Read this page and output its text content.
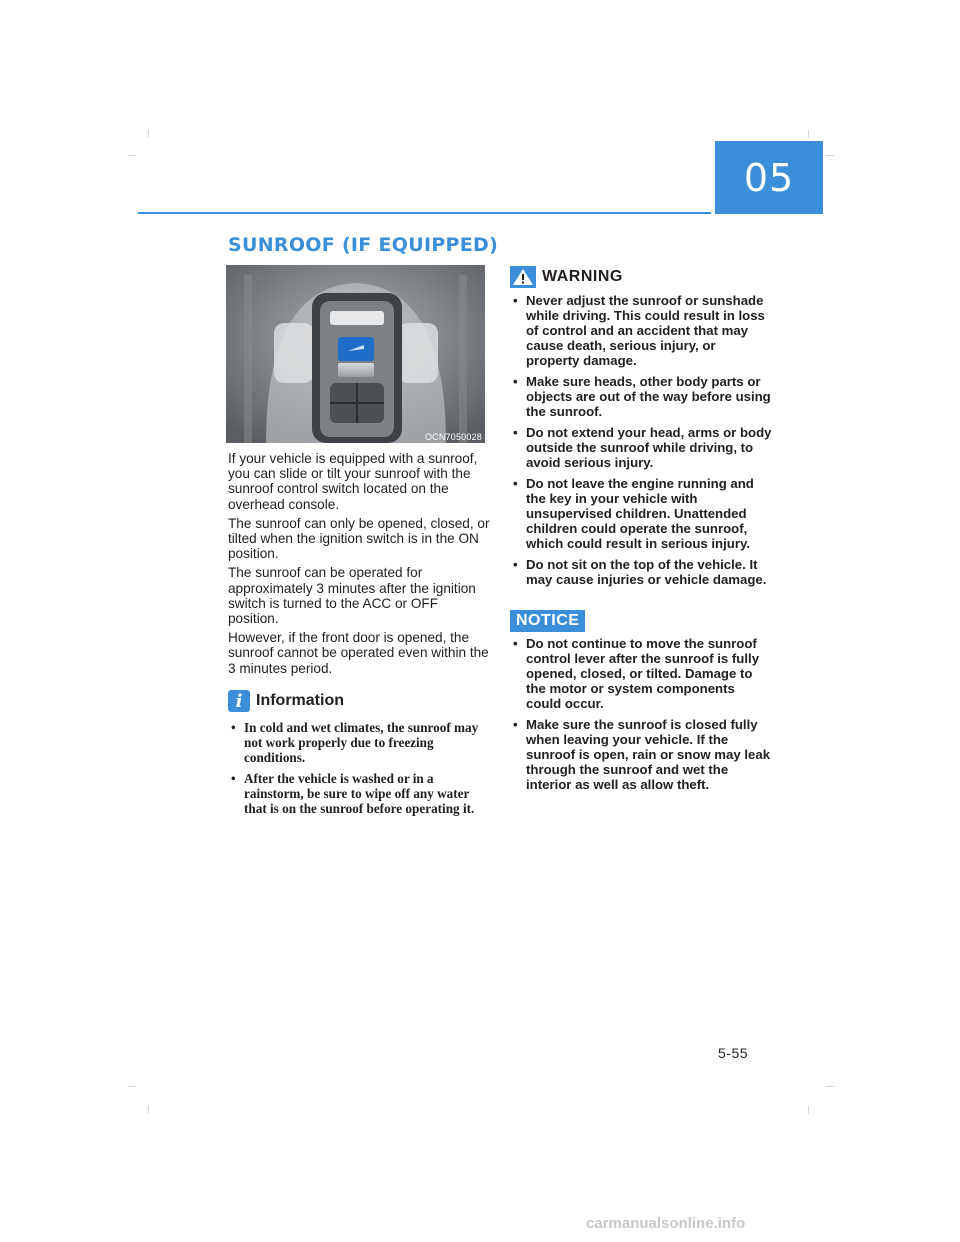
05
SUNROOF (IF EQUIPPED)
OCN7050028

If your vehicle is equipped with a sunroof, you can slide or tilt your sunroof with the sunroof control switch located on the overhead console.

The sunroof can only be opened, closed, or tilted when the ignition switch is in the ON position.

The sunroof can be operated for approximately 3 minutes after the ignition switch is turned to the ACC or OFF position.

However, if the front door is opened, the sunroof cannot be operated even within the 3 minutes period.

i Information
• In cold and wet climates, the sunroof may not work properly due to freezing conditions.
• After the vehicle is washed or in a rainstorm, be sure to wipe off any water that is on the sunroof before operating it.
WARNING
• Never adjust the sunroof or sunshade while driving. This could result in loss of control and an accident that may cause death, serious injury, or property damage.
• Make sure heads, other body parts or objects are out of the way before using the sunroof.
• Do not extend your head, arms or body outside the sunroof while driving, to avoid serious injury.
• Do not leave the engine running and the key in your vehicle with unsupervised children. Unattended children could operate the sunroof, which could result in serious injury.
• Do not sit on the top of the vehicle. It may cause injuries or vehicle damage.
NOTICE
• Do not continue to move the sunroof control lever after the sunroof is fully opened, closed, or tilted. Damage to the motor or system components could occur.
• Make sure the sunroof is closed fully when leaving your vehicle. If the sunroof is open, rain or snow may leak through the sunroof and wet the interior as well as allow theft.
5-55
carmanualsonline.info
